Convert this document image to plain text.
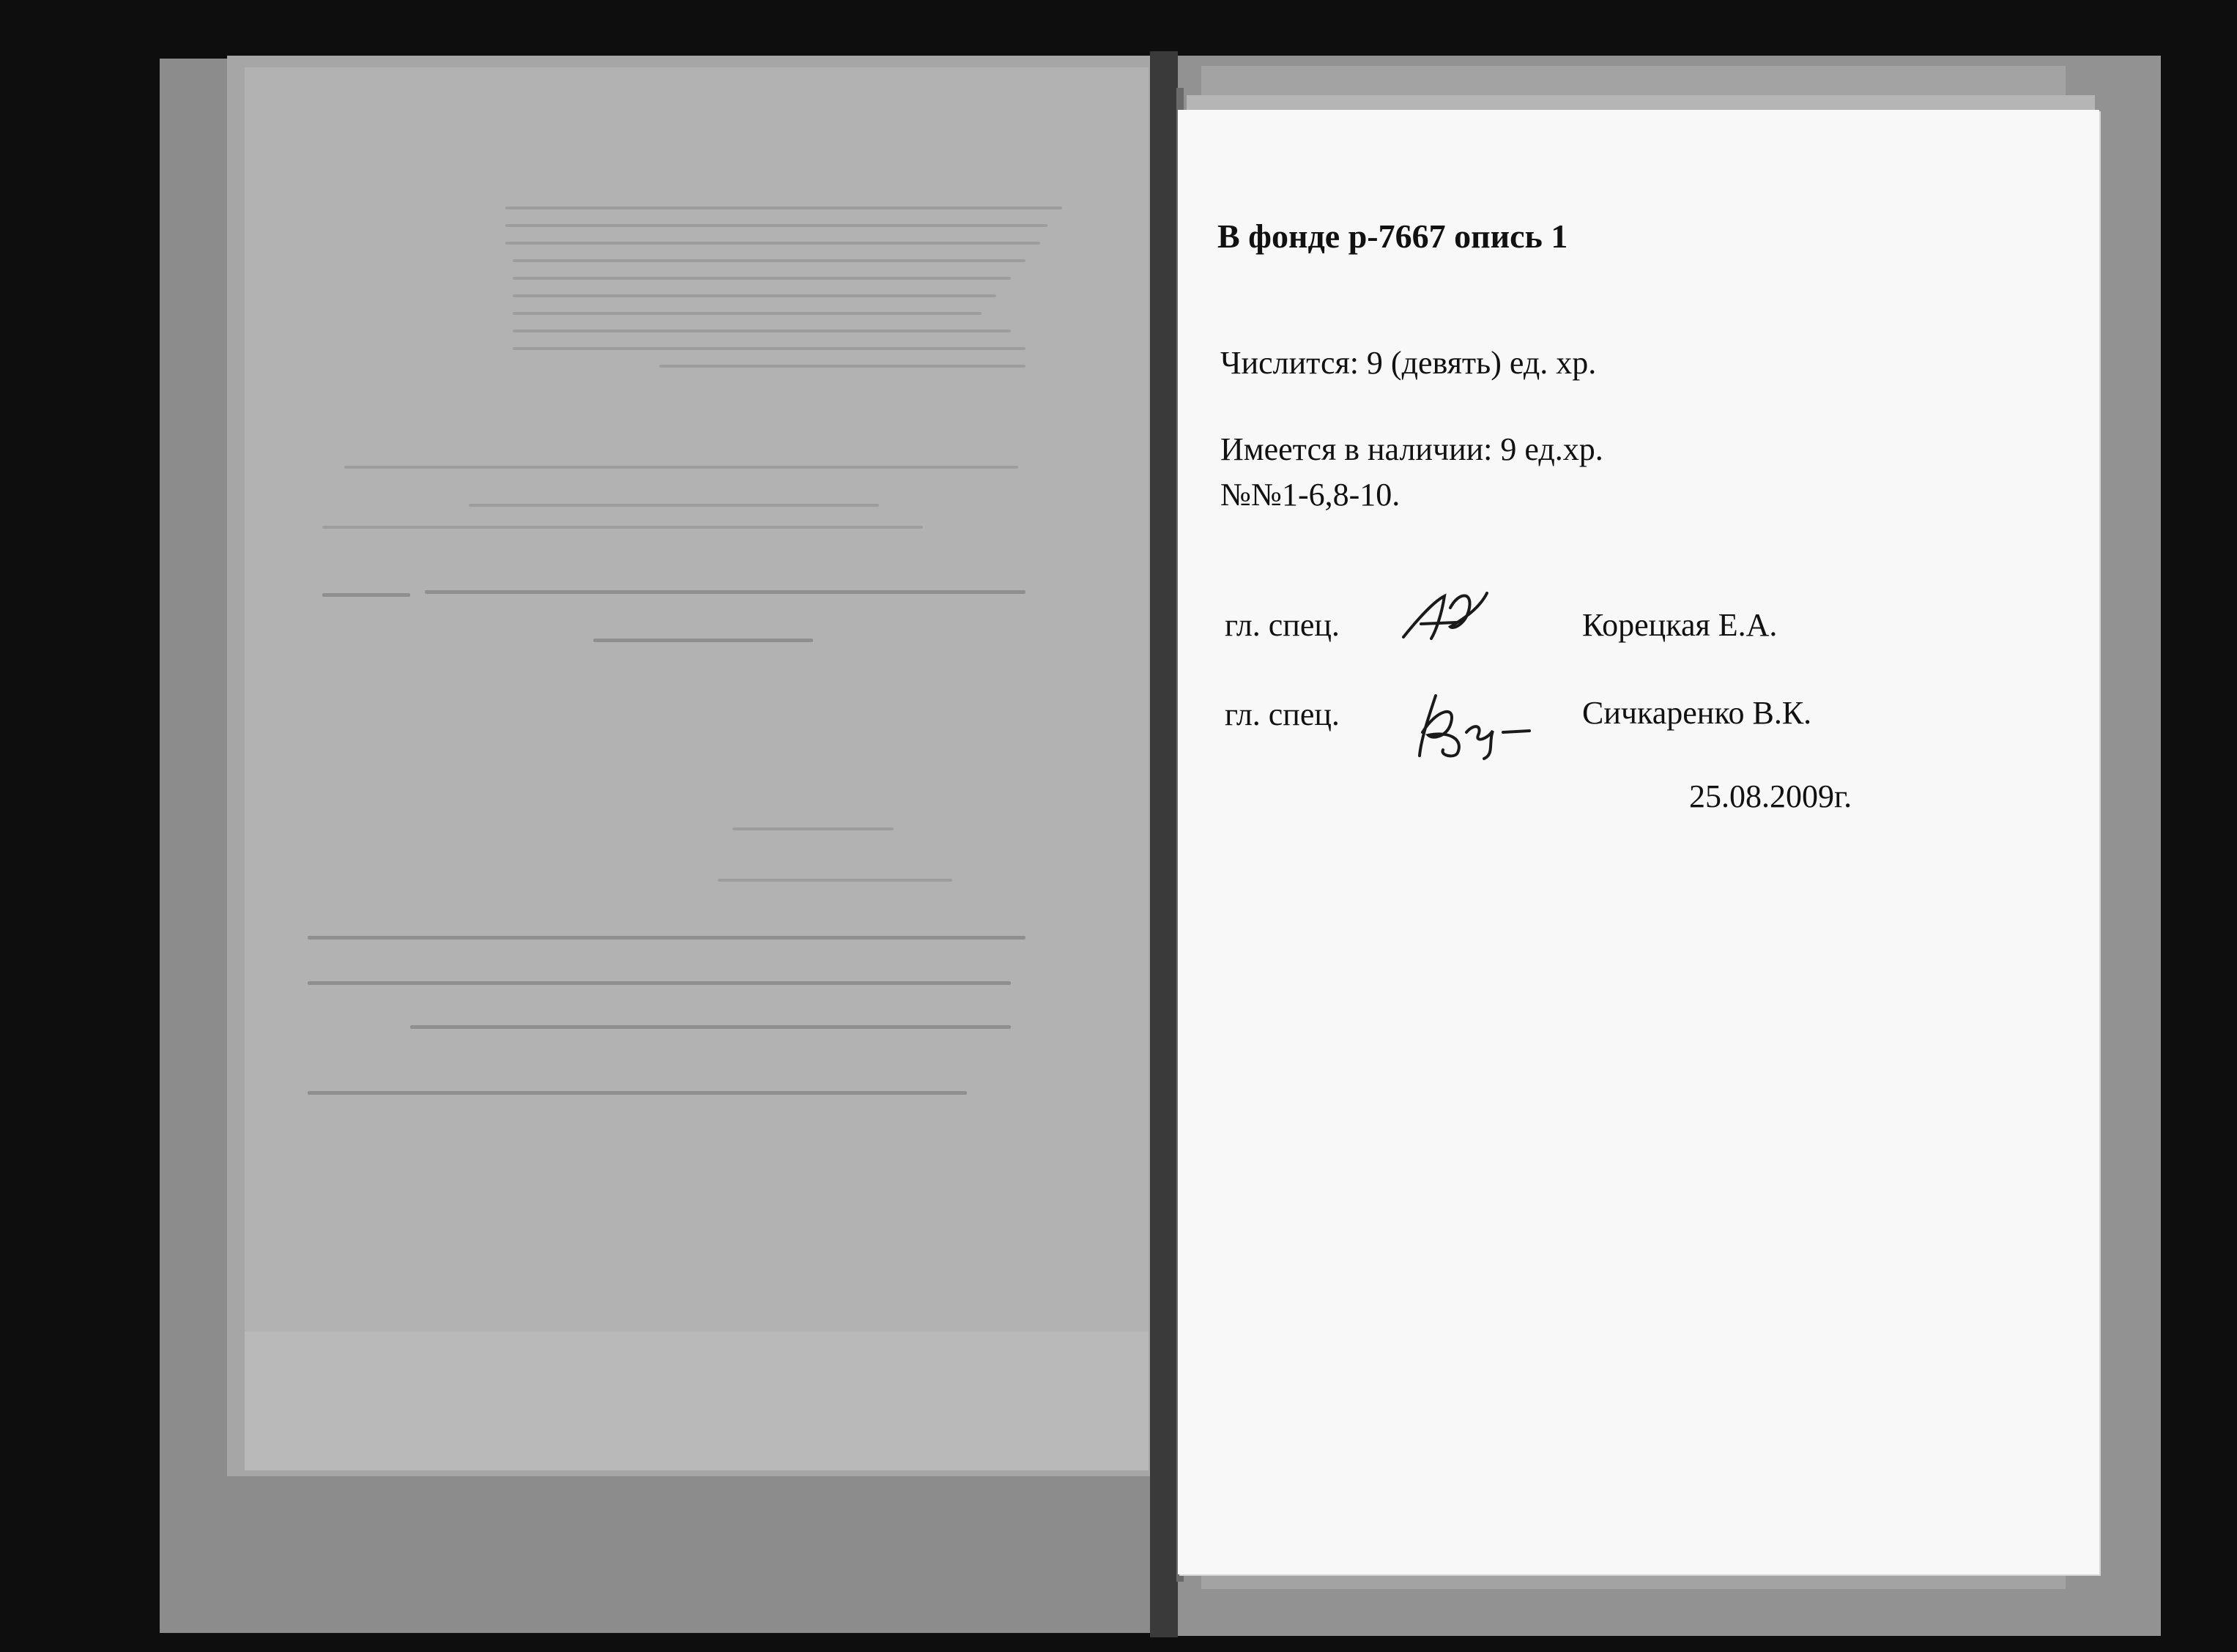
В фонде р-7667 опись 1
Числится: 9 (девять) ед. хр.
Имеется в наличии: 9 ед.хр.
№№1-6,8-10.
гл. спец.	Корецкая Е.А.
гл. спец.	Сичкаренко В.К.
25.08.2009г.
